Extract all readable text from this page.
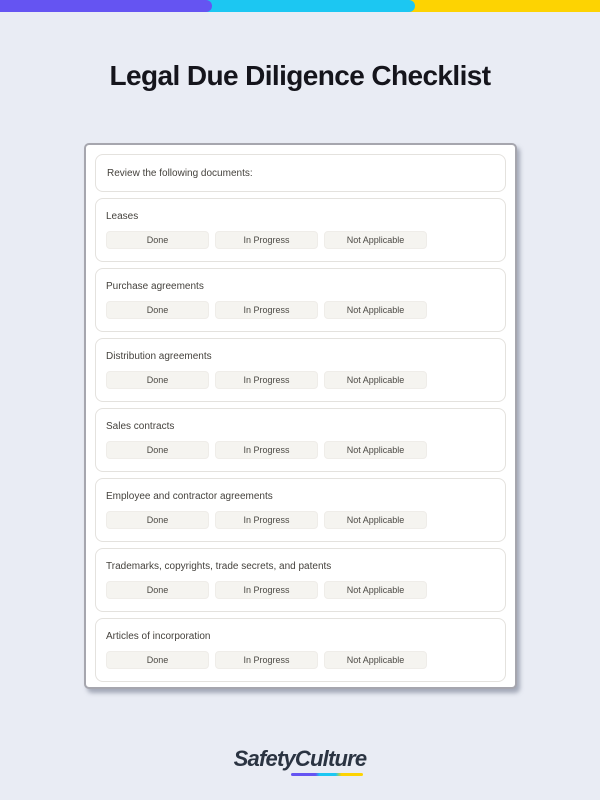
Legal Due Diligence Checklist
Review the following documents:
Leases
Done	In Progress	Not Applicable
Purchase agreements
Done	In Progress	Not Applicable
Distribution agreements
Done	In Progress	Not Applicable
Sales contracts
Done	In Progress	Not Applicable
Employee and contractor agreements
Done	In Progress	Not Applicable
Trademarks, copyrights, trade secrets, and patents
Done	In Progress	Not Applicable
Articles of incorporation
Done	In Progress	Not Applicable
SafetyCulture
